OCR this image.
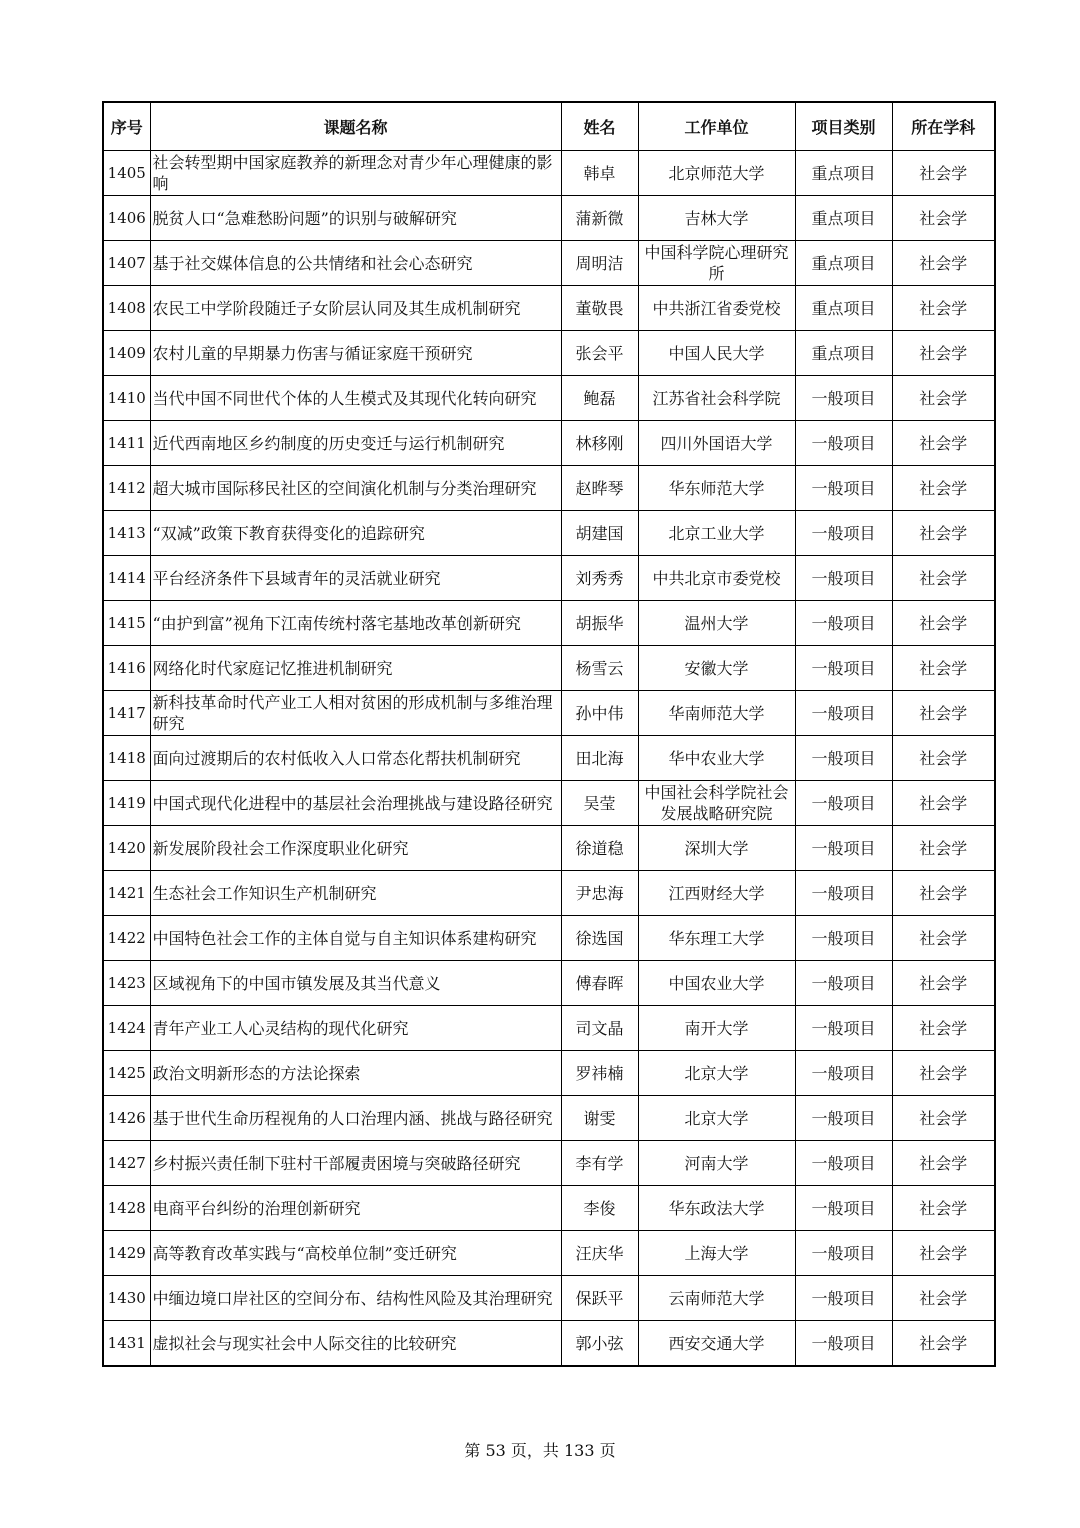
序号	课题名称	姓名	工作单位	项目类别	所在学科
1405	社会转型期中国家庭教养的新理念对青少年心理健康的影响	韩卓	北京师范大学	重点项目	社会学
1406	脱贫人口“急难愁盼问题”的识别与破解研究	蒲新微	吉林大学	重点项目	社会学
1407	基于社交媒体信息的公共情绪和社会心态研究	周明洁	中国科学院心理研究所	重点项目	社会学
1408	农民工中学阶段随迁子女阶层认同及其生成机制研究	董敬畏	中共浙江省委党校	重点项目	社会学
1409	农村儿童的早期暴力伤害与循证家庭干预研究	张会平	中国人民大学	重点项目	社会学
1410	当代中国不同世代个体的人生模式及其现代化转向研究	鲍磊	江苏省社会科学院	一般项目	社会学
1411	近代西南地区乡约制度的历史变迁与运行机制研究	林移刚	四川外国语大学	一般项目	社会学
1412	超大城市国际移民社区的空间演化机制与分类治理研究	赵晔琴	华东师范大学	一般项目	社会学
1413	“双减”政策下教育获得变化的追踪研究	胡建国	北京工业大学	一般项目	社会学
1414	平台经济条件下县域青年的灵活就业研究	刘秀秀	中共北京市委党校	一般项目	社会学
1415	“由护到富”视角下江南传统村落宅基地改革创新研究	胡振华	温州大学	一般项目	社会学
1416	网络化时代家庭记忆推进机制研究	杨雪云	安徽大学	一般项目	社会学
1417	新科技革命时代产业工人相对贫困的形成机制与多维治理研究	孙中伟	华南师范大学	一般项目	社会学
1418	面向过渡期后的农村低收入人口常态化帮扶机制研究	田北海	华中农业大学	一般项目	社会学
1419	中国式现代化进程中的基层社会治理挑战与建设路径研究	吴莹	中国社会科学院社会发展战略研究院	一般项目	社会学
1420	新发展阶段社会工作深度职业化研究	徐道稳	深圳大学	一般项目	社会学
1421	生态社会工作知识生产机制研究	尹忠海	江西财经大学	一般项目	社会学
1422	中国特色社会工作的主体自觉与自主知识体系建构研究	徐选国	华东理工大学	一般项目	社会学
1423	区域视角下的中国市镇发展及其当代意义	傅春晖	中国农业大学	一般项目	社会学
1424	青年产业工人心灵结构的现代化研究	司文晶	南开大学	一般项目	社会学
1425	政治文明新形态的方法论探索	罗祎楠	北京大学	一般项目	社会学
1426	基于世代生命历程视角的人口治理内涵、挑战与路径研究	谢雯	北京大学	一般项目	社会学
1427	乡村振兴责任制下驻村干部履责困境与突破路径研究	李有学	河南大学	一般项目	社会学
1428	电商平台纠纷的治理创新研究	李俊	华东政法大学	一般项目	社会学
1429	高等教育改革实践与“高校单位制”变迁研究	汪庆华	上海大学	一般项目	社会学
1430	中缅边境口岸社区的空间分布、结构性风险及其治理研究	保跃平	云南师范大学	一般项目	社会学
1431	虚拟社会与现实社会中人际交往的比较研究	郭小弦	西安交通大学	一般项目	社会学
第 53 页，共 133 页
